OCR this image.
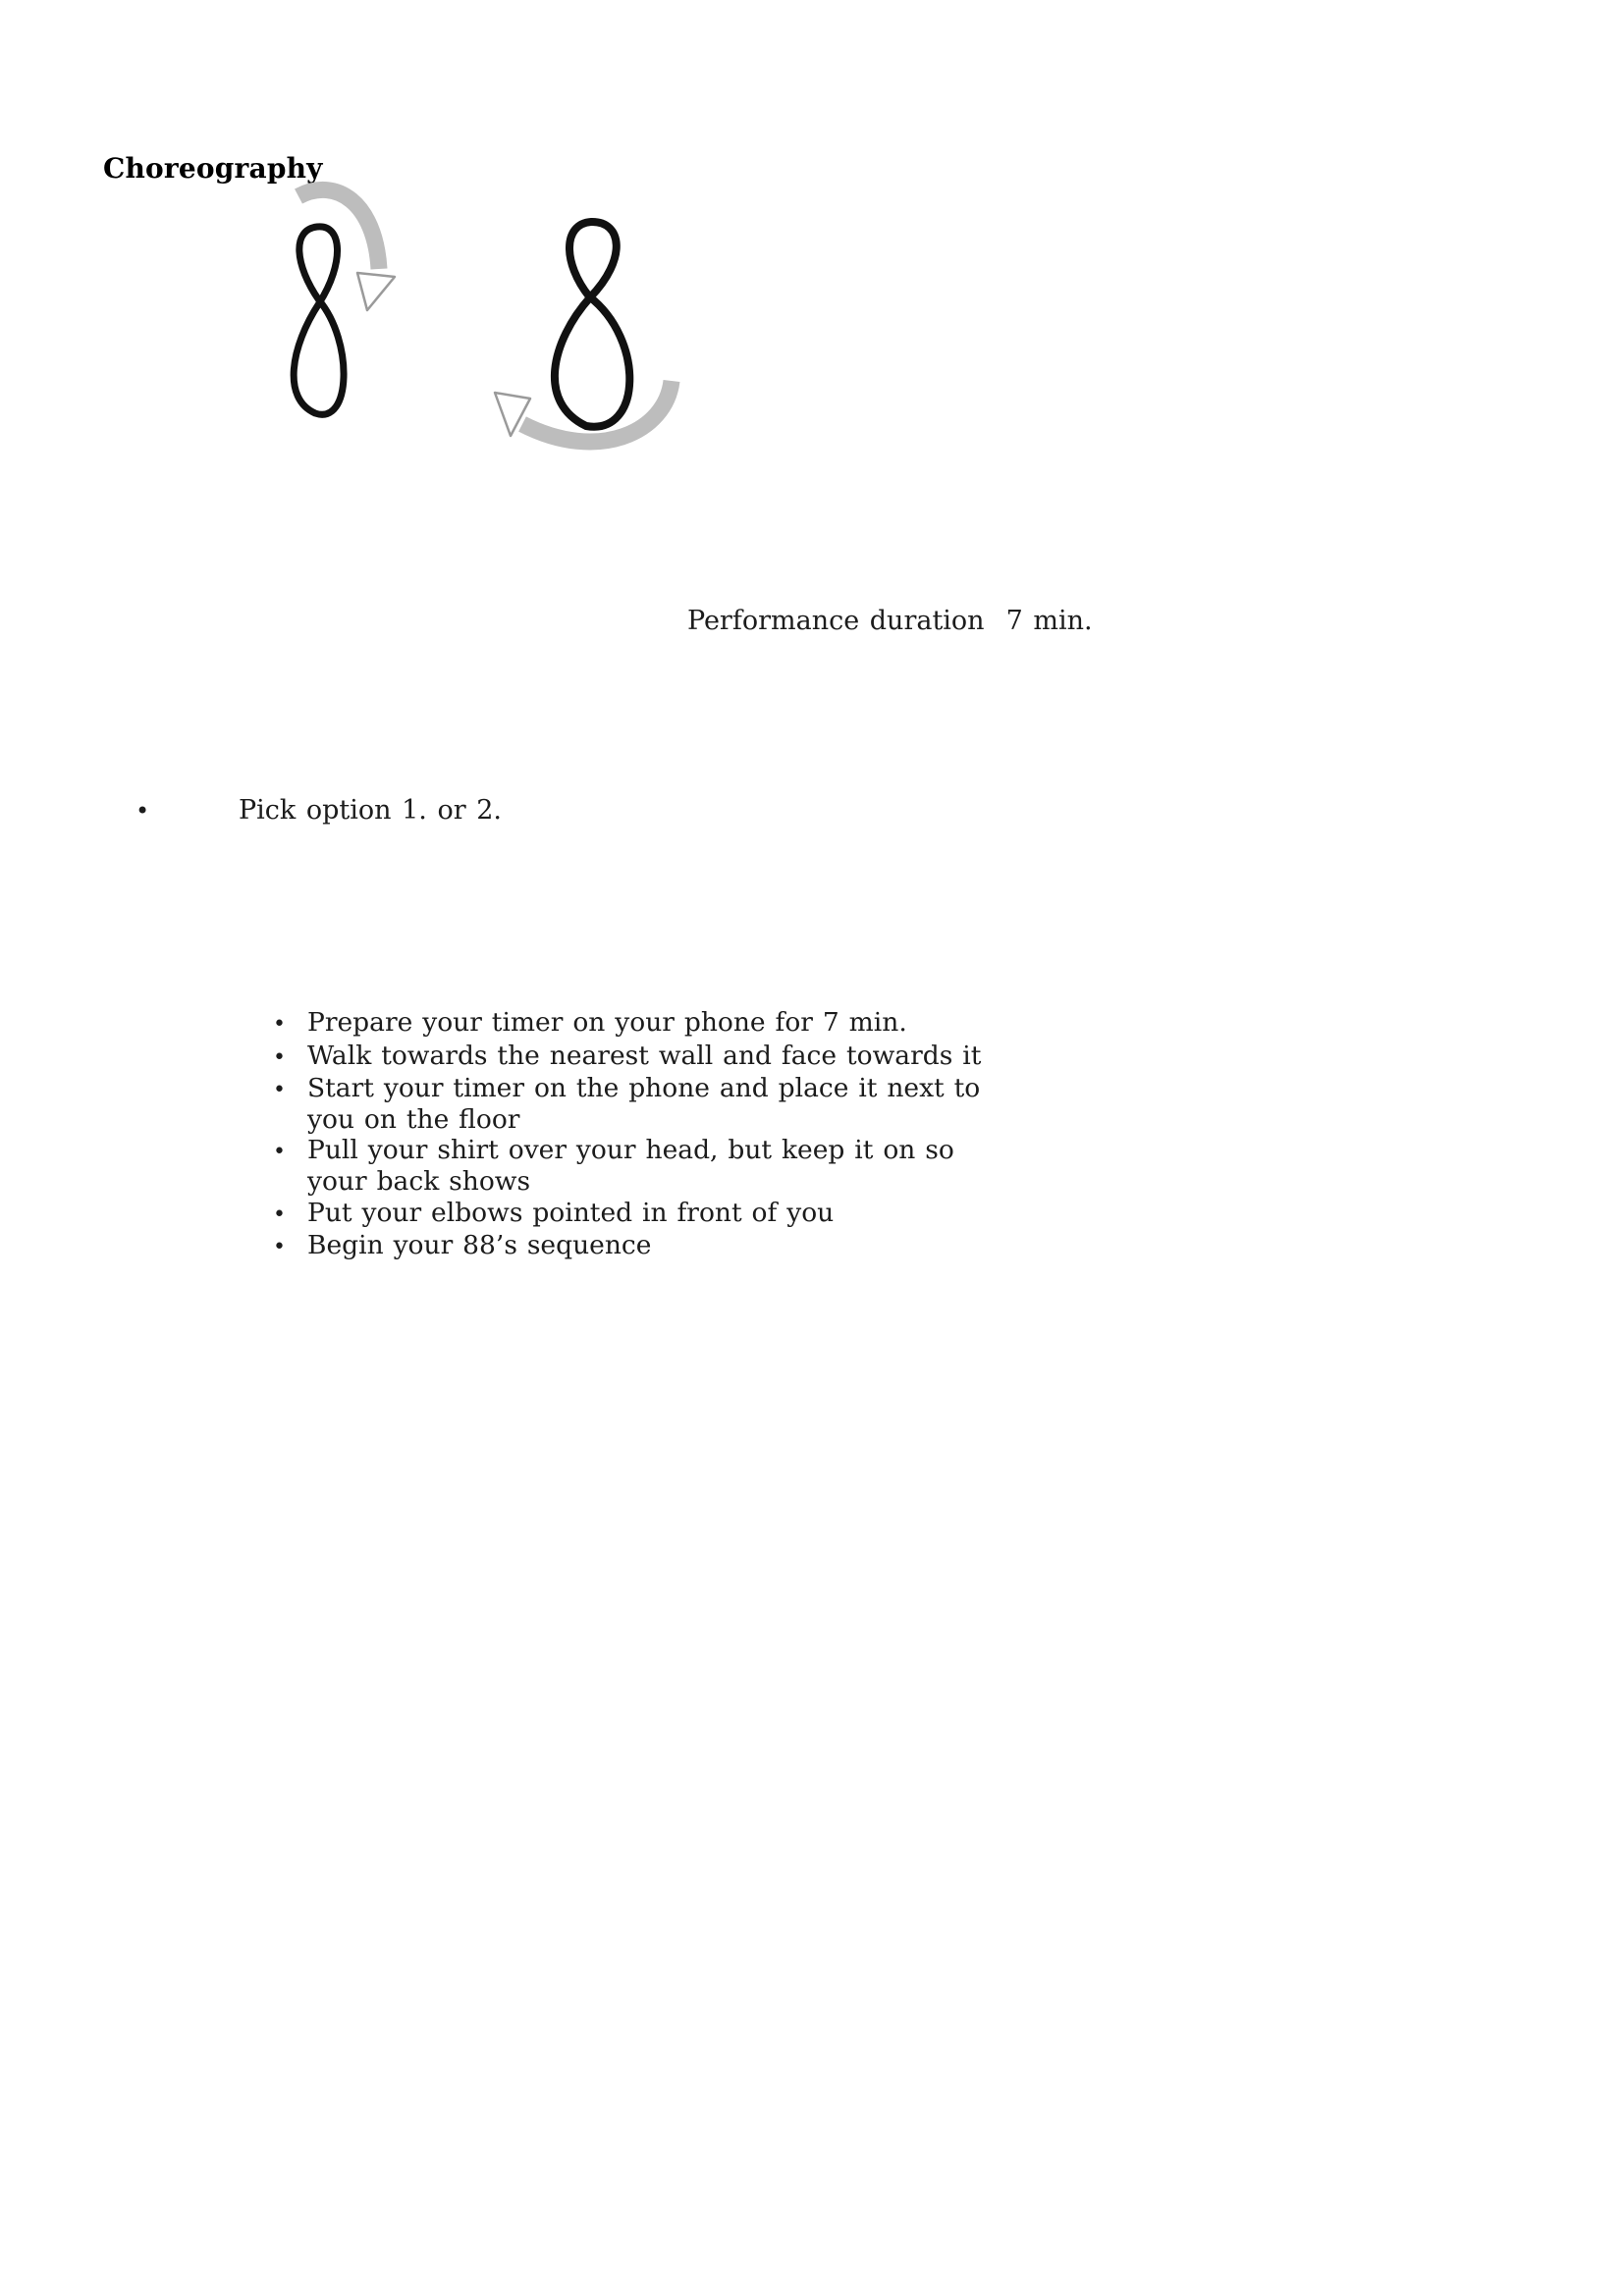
Choreography
Performance duration 7 min.
•	Pick option 1. or 2.
• Prepare your timer on your phone for 7 min.
• Walk towards the nearest wall and face towards it
• Start your timer on the phone and place it next to you on the floor
• Pull your shirt over your head, but keep it on so your back shows
• Put your elbows pointed in front of you
• Begin your 88’s sequence
